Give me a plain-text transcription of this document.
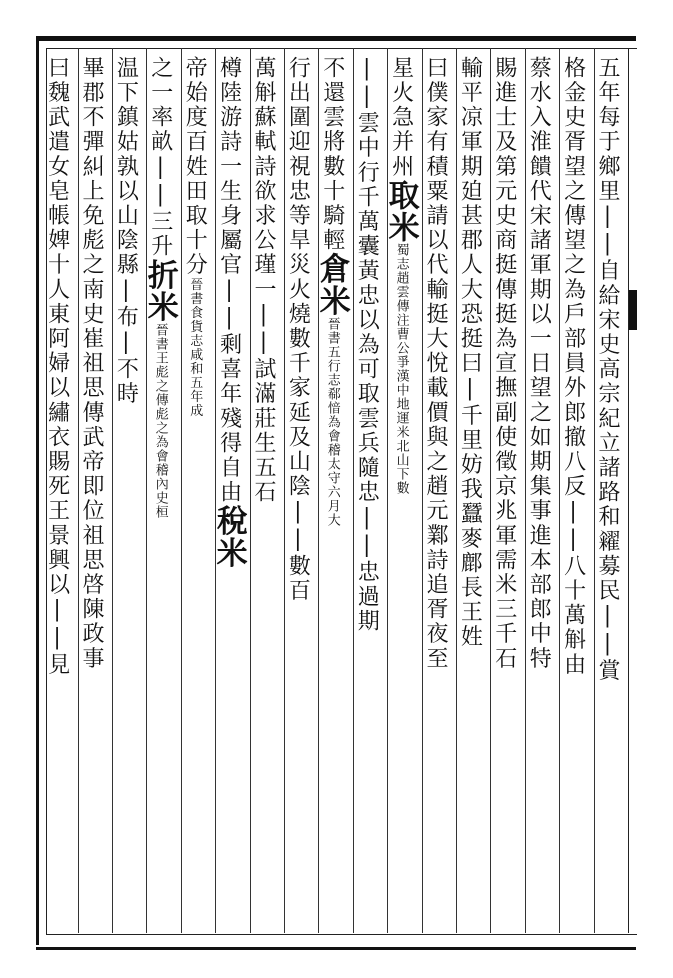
五年每于鄉里||自給宋史高宗紀立諸路和糴募民||賞
格金史胥望之傳望之為戶部員外郎撤八反||八十萬斛由
蔡水入淮饋代宋諸軍期以一日望之如期集事進本部郎中特
賜進士及第元史商挺傳挺為宣撫副使徵京兆軍需米三千石
輸平凉軍期廹甚郡人大恐挺曰|千里妨我蠶麥鄜長王姓
曰僕家有積粟請以代輸挺大悅載價與之趙元鄴詩追胥夜至
星火急并州取米蜀志趙雲傳注曹公爭漢中地運米北山下數
||雲中行千萬囊黃忠以為可取雲兵隨忠||忠過期
不還雲將數十騎輕倉米晉書五行志郗愔為會稽太守六月大
行出圍迎視忠等旱災火燒數千家延及山陰||數百
萬斛蘇軾詩欲求公瑾一||試滿莊生五石
樽陸游詩一生身屬官||剩喜年殘得自由稅米
帝始度百姓田取十分晉書食貨志咸和五年成
之一率畝||三升折米晉書王彪之傳彪之為會稽內史桓
温下鎮姑孰以山陰縣|布|不時
畢郡不彈糾上免彪之南史崔祖思傳武帝即位祖思啓陳政事
曰魏武遣女皂帳婢十人東阿婦以繡衣賜死王景興以||見
